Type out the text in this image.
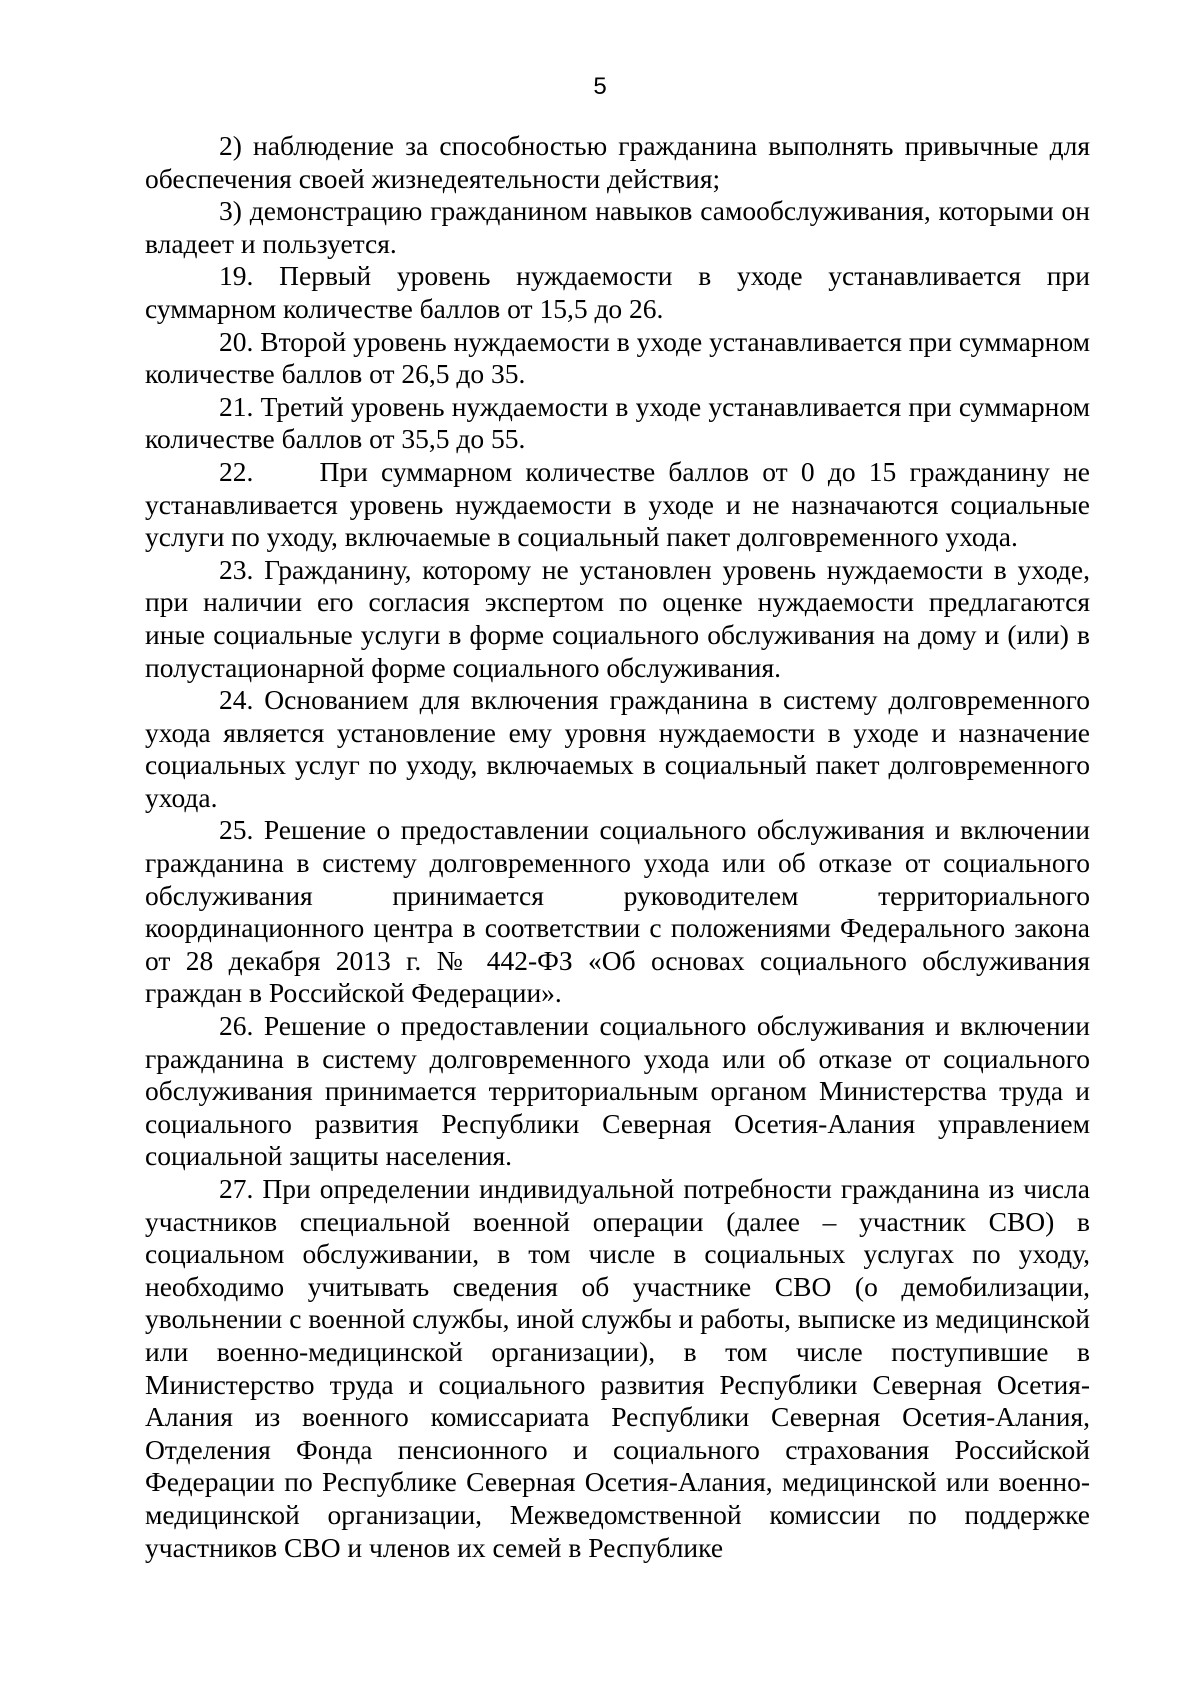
5

2) наблюдение за способностью гражданина выполнять привычные для обеспечения своей жизнедеятельности действия;

3) демонстрацию гражданином навыков самообслуживания, которыми он владеет и пользуется.

19. Первый уровень нуждаемости в уходе устанавливается при суммарном количестве баллов от 15,5 до 26.

20. Второй уровень нуждаемости в уходе устанавливается при суммарном количестве баллов от 26,5 до 35.

21. Третий уровень нуждаемости в уходе устанавливается при суммарном количестве баллов от 35,5 до 55.

22.     При суммарном количестве баллов от 0 до 15 гражданину не устанавливается уровень нуждаемости в уходе и не назначаются социальные услуги по уходу, включаемые в социальный пакет долговременного ухода.

23. Гражданину, которому не установлен уровень нуждаемости в уходе, при наличии его согласия экспертом по оценке нуждаемости предлагаются иные социальные услуги в форме социального обслуживания на дому и (или) в полустационарной форме социального обслуживания.

24. Основанием для включения гражданина в систему долговременного ухода является установление ему уровня нуждаемости в уходе и назначение социальных услуг по уходу, включаемых в социальный пакет долговременного ухода.

25. Решение о предоставлении социального обслуживания и включении гражданина в систему долговременного ухода или об отказе от социального обслуживания принимается руководителем территориального координационного центра в соответствии с положениями Федерального закона от 28 декабря 2013 г. № 442-ФЗ «Об основах социального обслуживания граждан в Российской Федерации».

26. Решение о предоставлении социального обслуживания и включении гражданина в систему долговременного ухода или об отказе от социального обслуживания принимается территориальным органом Министерства труда и социального развития Республики Северная Осетия-Алания управлением социальной защиты населения.

27. При определении индивидуальной потребности гражданина из числа участников специальной военной операции (далее – участник СВО) в социальном обслуживании, в том числе в социальных услугах по уходу, необходимо учитывать сведения об участнике СВО (о демобилизации, увольнении с военной службы, иной службы и работы, выписке из медицинской или военно-медицинской организации), в том числе поступившие в Министерство труда и социального развития Республики Северная Осетия-Алания из военного комиссариата Республики Северная Осетия-Алания, Отделения Фонда пенсионного и социального страхования Российской Федерации по Республике Северная Осетия-Алания, медицинской или военно-медицинской организации, Межведомственной комиссии по поддержке участников СВО и членов их семей в Республике
